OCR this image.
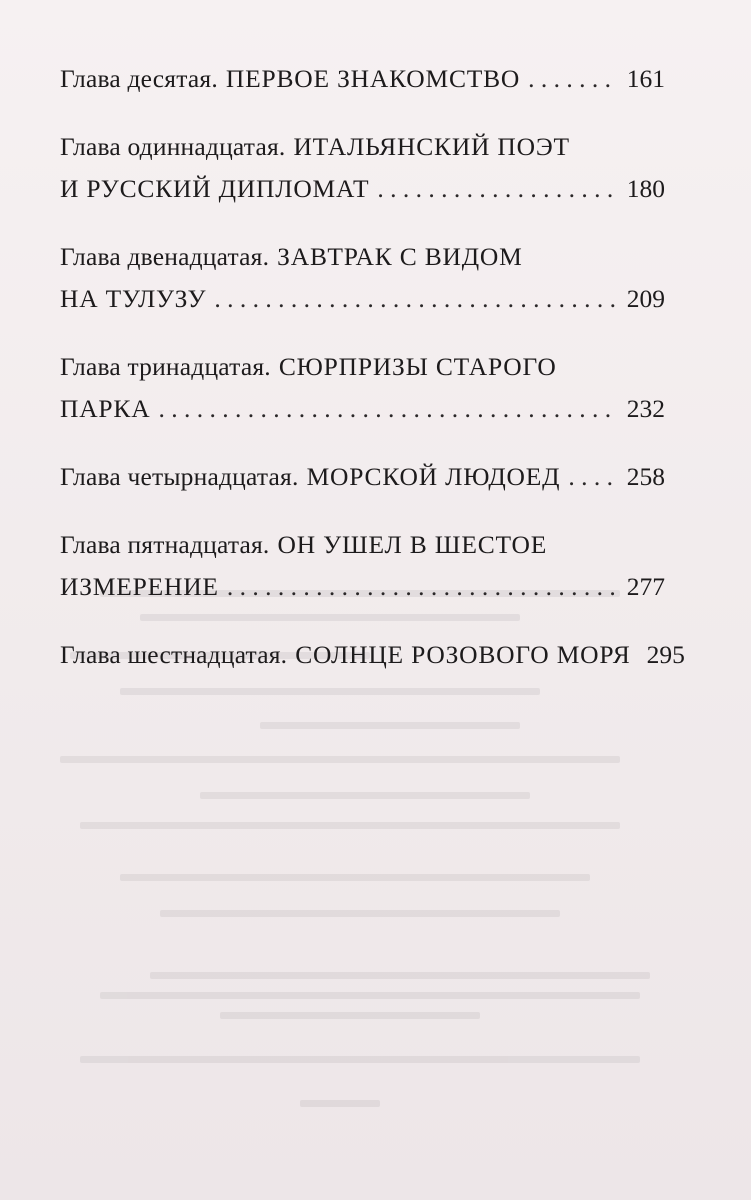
Глава десятая. ПЕРВОЕ ЗНАКОМСТВО . . .	161
Глава одиннадцатая. ИТАЛЬЯНСКИЙ ПОЭТ
И РУССКИЙ ДИПЛОМАТ . . .	180
Глава двенадцатая. ЗАВТРАК С ВИДОМ
НА ТУЛУЗУ . . .	209
Глава тринадцатая. СЮРПРИЗЫ СТАРОГО
ПАРКА . . .	232
Глава четырнадцатая. МОРСКОЙ ЛЮДОЕД . . .	258
Глава пятнадцатая. ОН УШЕЛ В ШЕСТОЕ
ИЗМЕРЕНИЕ . . .	277
Глава шестнадцатая. СОЛНЦЕ РОЗОВОГО МОРЯ 295
